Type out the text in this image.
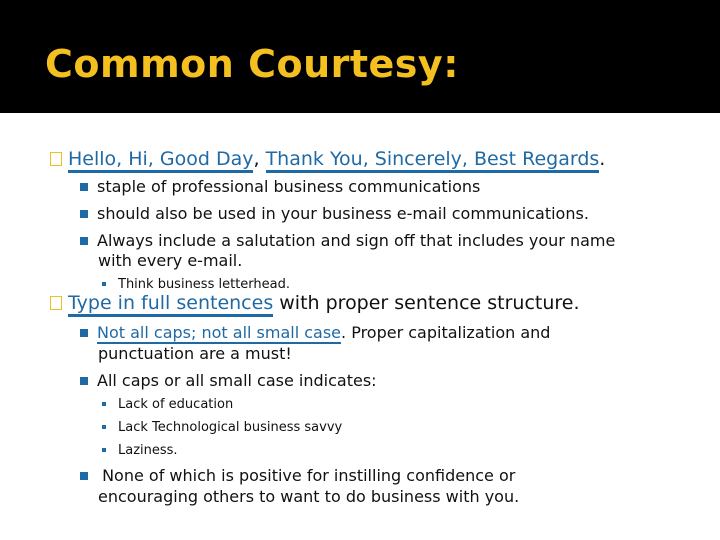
Common Courtesy:
Hello, Hi, Good Day, Thank You, Sincerely, Best Regards.
staple of professional business communications
should also be used in your business e-mail communications.
Always include a salutation and sign off that includes your name
with every e-mail.
Think business letterhead.
Type in full sentences with proper sentence structure.
Not all caps; not all small case. Proper capitalization and
punctuation are a must!
All caps or all small case indicates:
Lack of education
Lack Technological business savvy
Laziness.
None of which is positive for instilling confidence or
encouraging others to want to do business with you.
